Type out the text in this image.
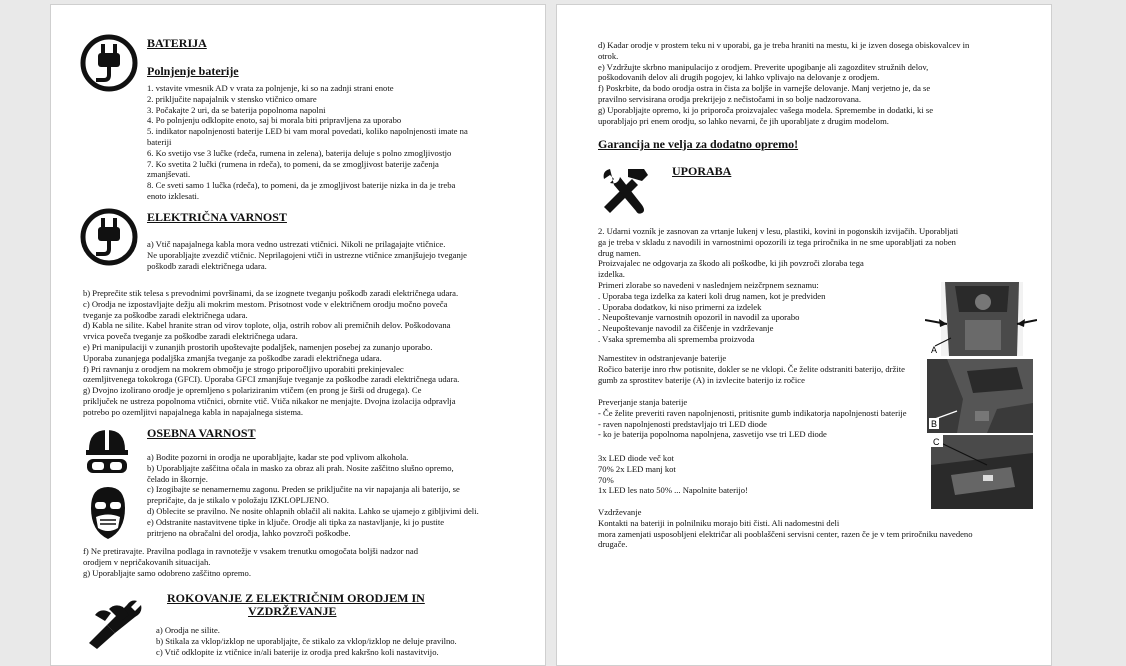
BATERIJA
Polnjenje baterije
1. vstavite vmesnik AD v vrata za polnjenje, ki so na zadnji strani enote
2. priključite napajalnik v stensko vtičnico omare
3. Počakajte 2 uri, da se baterija popolnoma napolni
4. Po polnjenju odklopite enoto, saj bi morala biti pripravljena za uporabo
5. indikator napolnjenosti baterije LED bi vam moral povedati, koliko napolnjenosti imate na
bateriji
6. Ko svetijo vse 3 lučke (rdeča, rumena in zelena), baterija deluje s polno zmogljivostjo
7. Ko svetita 2 lučki (rumena in rdeča), to pomeni, da se zmogljivost baterije začenja
zmanjševati.
8. Ce sveti samo 1 lučka (rdeča), to pomeni, da je zmogljivost baterije nizka in da je treba
enoto izklesati.
ELEKTRIČNA VARNOST
a) Vtič napajalnega kabla mora vedno ustrezati vtičnici. Nikoli ne prilagajajte vtičnice.
Ne uporabljajte zvezdič vtičnic. Neprilagojeni vtiči in ustrezne vtičnice zmanjšujejo tveganje
poškodb zaradi električnega udara.
b) Preprečite stik telesa s prevodnimi površinami, da se izognete tveganju poškodb zaradi električnega udara.
c) Orodja ne izpostavljajte dežju ali mokrim mestom. Prisotnost vode v električnem orodju močno poveča
tveganje za poškodbe zaradi električnega udara.
d) Kabla ne silite. Kabel hranite stran od virov toplote, olja, ostrih robov ali premičnih delov. Poškodovana
vrvica poveča tveganje za poškodbe zaradi električnega udara.
e) Pri manipulaciji v zunanjih prostorih upoštevajte podaljšek, namenjen posebej za zunanjo uporabo.
Uporaba zunanjega podaljška zmanjša tveganje za poškodbe zaradi električnega udara.
f) Pri ravnanju z orodjem na mokrem območju je strogo priporočljivo uporabiti prekinjevalec
ozemljitvenega tokokroga (GFCI). Uporaba GFCI zmanjšuje tveganje za poškodbe zaradi električnega udara.
g) Dvojno izolirano orodje je opremljeno s polariziranim vtičem (en prong je širši od drugega). Ce
priključek ne ustreza popolnoma vtičnici, obrnite vtič. Vtiča nikakor ne menjajte. Dvojna izolacija odpravlja
potrebo po ozemljitvi napajalnega kabla in napajalnega sistema.
OSEBNA VARNOST
a) Bodite pozorni in orodja ne uporabljajte, kadar ste pod vplivom alkohola.
b) Uporabljajte zaščitna očala in masko za obraz ali prah. Nosite zaščitno slušno opremo,
čelado in škornje.
c) Izogibajte se nenamernemu zagonu. Preden se priključite na vir napajanja ali baterijo, se
prepričajte, da je stikalo v položaju IZKLOPLJENO.
d) Oblecite se pravilno. Ne nosite ohlapnih oblačil ali nakita. Lahko se ujamejo z gibljivimi deli.
e) Odstranite nastavitvene tipke in ključe. Orodje ali tipka za nastavljanje, ki jo pustite
pritrjeno na obračalni del orodja, lahko povzroči poškodbe.
f) Ne pretiravajte. Pravilna podlaga in ravnotežje v vsakem trenutku omogočata boljši nadzor nad
orodjem v nepričakovanih situacijah.
g) Uporabljajte samo odobreno zaščitno opremo.
ROKOVANJE Z ELEKTRIČNIM ORODJEM IN
VZDRŽEVANJE
a) Orodja ne silite.
b) Stikala za vklop/izklop ne uporabljajte, če stikalo za vklop/izklop ne deluje pravilno.
c) Vtič odklopite iz vtičnice in/ali baterije iz orodja pred kakršno koli nastavitvijo.
d) Kadar orodje v prostem teku ni v uporabi, ga je treba hraniti na mestu, ki je izven dosega obiskovalcev in
otrok.
e) Vzdržujte skrbno manipulacijo z orodjem. Preverite upogibanje ali zagozditev stružnih delov,
poškodovanih delov ali drugih pogojev, ki lahko vplivajo na delovanje z orodjem.
f) Poskrbite, da bodo orodja ostra in čista za boljše in varnejše delovanje. Manj verjetno je, da se
pravilno servisirana orodja prekrijejo z nečistočami in so bolje nadzorovana.
g) Uporabljajte opremo, ki jo priporoča proizvajalec vašega modela. Spremembe in dodatki, ki se
uporabljajo pri enem orodju, so lahko nevarni, če jih uporabljate z drugim modelom.
Garancija ne velja za dodatno opremo!
UPORABA
2. Udarni vozník je zasnovan za vrtanje lukenj v lesu, plastiki, kovini in pogonskih izvijačih. Uporabljati
ga je treba v skladu z navodili in varnostnimi opozorili iz tega priročnika in ne sme uporabljati za noben
drug namen.
Proizvajalec ne odgovarja za škodo ali poškodbe, ki jih povzroči zloraba tega
izdelka.
Primeri zlorabe so navedeni v naslednjem neizčrpnem seznamu:
. Uporaba tega izdelka za kateri koli drug namen, kot je predviden
. Uporaba dodatkov, ki niso primerni za izdelek
. Neupoštevanje varnostnih opozoril in navodil za uporabo
. Neupoštevanje navodil za čiščenje in vzdrževanje
. Vsaka sprememba ali sprememba proizvoda
Namestitev in odstranjevanje baterije
Ročico baterije inro rhw potisnite, dokler se ne vklopi. Če želite odstraniti baterijo, držite
gumb za sprostitev baterije (A) in izvlecite baterijo iz ročice
Preverjanje stanja baterije
- Če želite preveriti raven napolnjenosti, pritisnite gumb indikatorja napolnjenosti baterije
- raven napolnjenosti predstavljajo tri LED diode
- ko je baterija popolnoma napolnjena, zasvetijo vse tri LED diode
3x LED diode več kot
70% 2x LED manj kot
70%
1x LED les nato 50% ... Napolnite baterijo!
Vzdrževanje
Kontakti na bateriji in polnilniku morajo biti čisti. Ali nadomestni deli
mora zamenjati usposobljeni električar ali pooblaščeni servisni center, razen če je v tem priročniku navedeno
drugače.
A
B
C
